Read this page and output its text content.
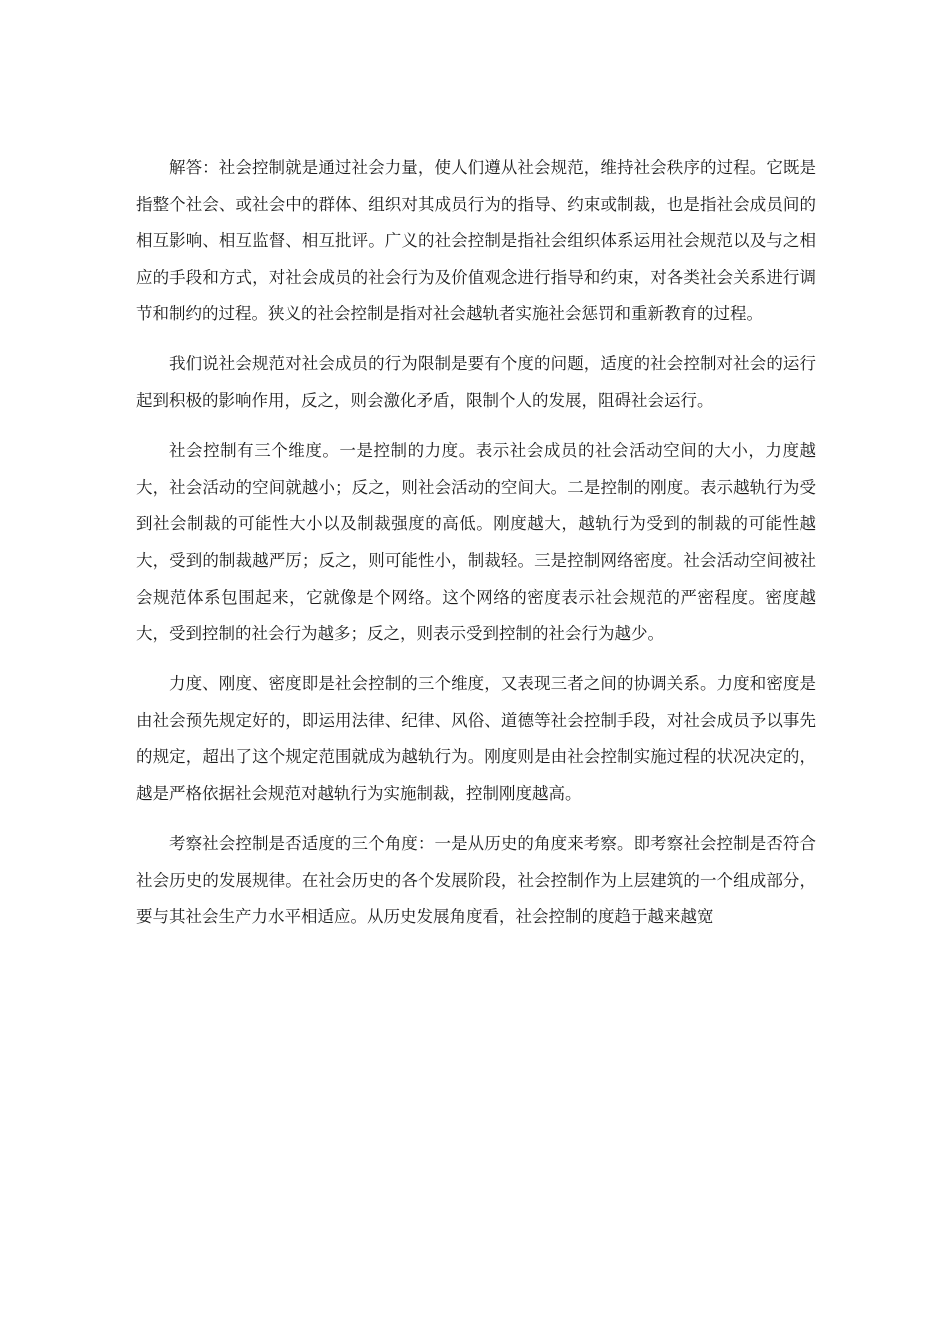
解答：社会控制就是通过社会力量，使人们遵从社会规范，维持社会秩序的过程。它既是指整个社会、或社会中的群体、组织对其成员行为的指导、约束或制裁，也是指社会成员间的相互影响、相互监督、相互批评。广义的社会控制是指社会组织体系运用社会规范以及与之相应的手段和方式，对社会成员的社会行为及价值观念进行指导和约束，对各类社会关系进行调节和制约的过程。狭义的社会控制是指对社会越轨者实施社会惩罚和重新教育的过程。

我们说社会规范对社会成员的行为限制是要有个度的问题，适度的社会控制对社会的运行起到积极的影响作用，反之，则会激化矛盾，限制个人的发展，阻碍社会运行。

社会控制有三个维度。一是控制的力度。表示社会成员的社会活动空间的大小，力度越大，社会活动的空间就越小；反之，则社会活动的空间大。二是控制的刚度。表示越轨行为受到社会制裁的可能性大小以及制裁强度的高低。刚度越大，越轨行为受到的制裁的可能性越大，受到的制裁越严厉；反之，则可能性小，制裁轻。三是控制网络密度。社会活动空间被社会规范体系包围起来，它就像是个网络。这个网络的密度表示社会规范的严密程度。密度越大，受到控制的社会行为越多；反之，则表示受到控制的社会行为越少。

力度、刚度、密度即是社会控制的三个维度，又表现三者之间的协调关系。力度和密度是由社会预先规定好的，即运用法律、纪律、风俗、道德等社会控制手段，对社会成员予以事先的规定，超出了这个规定范围就成为越轨行为。刚度则是由社会控制实施过程的状况决定的，越是严格依据社会规范对越轨行为实施制裁，控制刚度越高。

考察社会控制是否适度的三个角度：一是从历史的角度来考察。即考察社会控制是否符合社会历史的发展规律。在社会历史的各个发展阶段，社会控制作为上层建筑的一个组成部分，要与其社会生产力水平相适应。从历史发展角度看，社会控制的度趋于越来越宽
